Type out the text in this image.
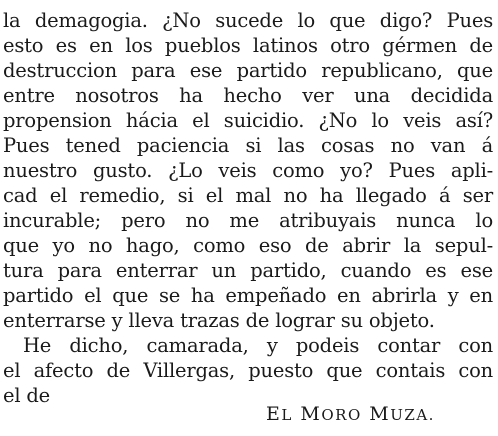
la demagogia. ¿No sucede lo que digo? Pues
esto es en los pueblos latinos otro gérmen de
destruccion para ese partido republicano, que
entre nosotros ha hecho ver una decidida
propension hácia el suicidio. ¿No lo veis así?
Pues tened paciencia si las cosas no van á
nuestro gusto. ¿Lo veis como yo? Pues apli-
cad el remedio, si el mal no ha llegado á ser
incurable; pero no me atribuyais nunca lo
que yo no hago, como eso de abrir la sepul-
tura para enterrar un partido, cuando es ese
partido el que se ha empeñado en abrirla y en
enterrarse y lleva trazas de lograr su objeto.
He dicho, camarada, y podeis contar con
el afecto de Villergas, puesto que contais con
el de
EL MORO MUZA.
